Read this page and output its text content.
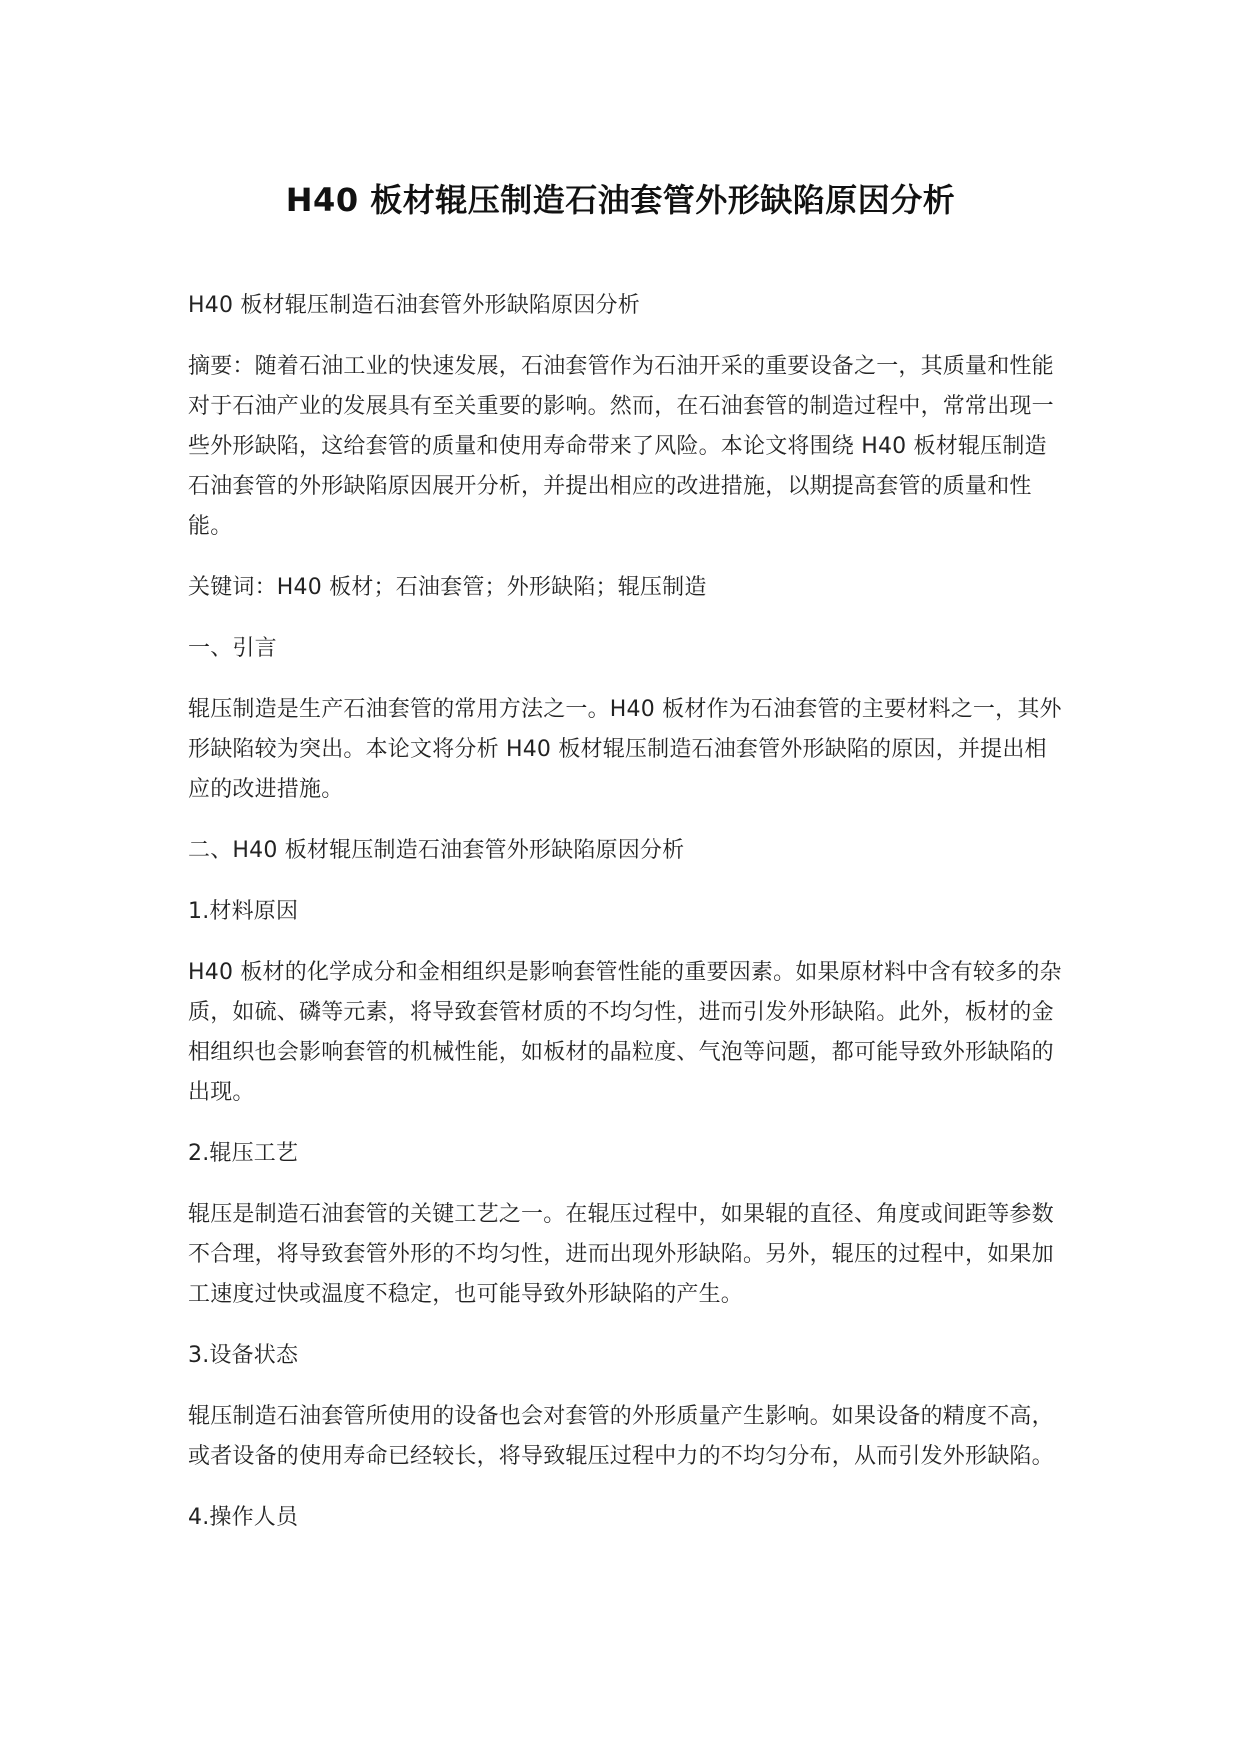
H40 板材辊压制造石油套管外形缺陷原因分析

H40 板材辊压制造石油套管外形缺陷原因分析

摘要：随着石油工业的快速发展，石油套管作为石油开采的重要设备之一，其质量和性能对于石油产业的发展具有至关重要的影响。然而，在石油套管的制造过程中，常常出现一些外形缺陷，这给套管的质量和使用寿命带来了风险。本论文将围绕 H40 板材辊压制造石油套管的外形缺陷原因展开分析，并提出相应的改进措施，以期提高套管的质量和性能。

关键词：H40 板材；石油套管；外形缺陷；辊压制造

一、引言

辊压制造是生产石油套管的常用方法之一。H40 板材作为石油套管的主要材料之一，其外形缺陷较为突出。本论文将分析 H40 板材辊压制造石油套管外形缺陷的原因，并提出相应的改进措施。

二、H40 板材辊压制造石油套管外形缺陷原因分析

1.材料原因

H40 板材的化学成分和金相组织是影响套管性能的重要因素。如果原材料中含有较多的杂质，如硫、磷等元素，将导致套管材质的不均匀性，进而引发外形缺陷。此外，板材的金相组织也会影响套管的机械性能，如板材的晶粒度、气泡等问题，都可能导致外形缺陷的出现。

2.辊压工艺

辊压是制造石油套管的关键工艺之一。在辊压过程中，如果辊的直径、角度或间距等参数不合理，将导致套管外形的不均匀性，进而出现外形缺陷。另外，辊压的过程中，如果加工速度过快或温度不稳定，也可能导致外形缺陷的产生。

3.设备状态

辊压制造石油套管所使用的设备也会对套管的外形质量产生影响。如果设备的精度不高，或者设备的使用寿命已经较长，将导致辊压过程中力的不均匀分布，从而引发外形缺陷。

4.操作人员
